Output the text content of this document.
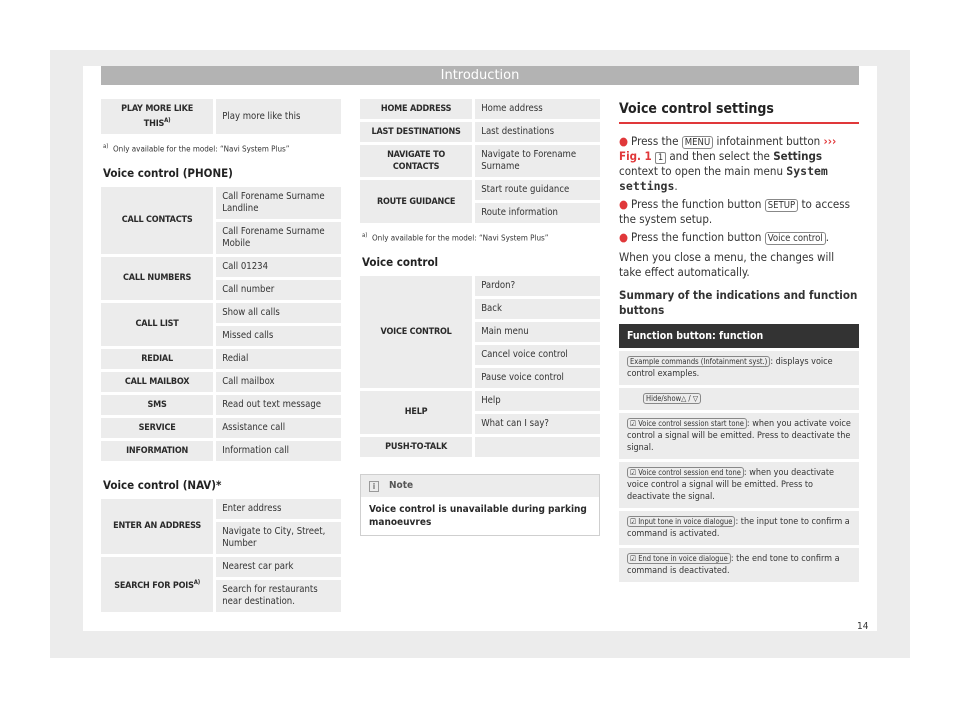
Introduction
PLAY MORE LIKE $THIS^{A)}$	Play more like this
$^{a)}$ Only available for the model: “Navi System Plus”
Voice control (PHONE)
CALL CONTACTS	Call Forename Surname Landline
	Call Forename Surname Mobile
CALL NUMBERS	Call 01234
	Call number
CALL LIST	Show all calls
	Missed calls
REDIAL	Redial
CALL MAILBOX	Call mailbox
SMS	Read out text message
SERVICE	Assistance call
INFORMATION	Information call
Voice control (NAV)*
ENTER AN ADDRESS	Enter address
	Navigate to City, Street, Number
SEARCH FOR $POIS^{A)}$	Nearest car park
	Search for restaurants near destination.
HOME ADDRESS	Home address
LAST DESTINATIONS	Last destinations
NAVIGATE TO CONTACTS	Navigate to Forename Surname
ROUTE GUIDANCE	Start route guidance
	Route information
$^{a)}$ Only available for the model: “Navi System Plus”
Voice control
VOICE CONTROL	Pardon?
	Back
	Main menu
	Cancel voice control
	Pause voice control
HELP	Help
	What can I say?
PUSH-TO-TALK	
i Note
Voice control is unavailable during parking manoeuvres
Voice control settings

● Press the MENU infotainment button ››› Fig. 1 1 and then select the Settings context to open the main menu System settings.

● Press the function button SETUP to access the system setup.

● Press the function button Voice control .

When you close a menu, the changes will take effect automatically.

Summary of the indications and function buttons

Function button: function
Example commands (Infotainment syst.) : displays voice control examples.
Hide/show△ / ▽
☑ Voice control session start tone : when you activate voice control a signal will be emitted. Press to deactivate the signal.
☑ Voice control session end tone : when you deactivate voice control a signal will be emitted. Press to deactivate the signal.
☑ Input tone in voice dialogue : the input tone to confirm a command is activated.
☑ End tone in voice dialogue : the end tone to confirm a command is deactivated.
14
